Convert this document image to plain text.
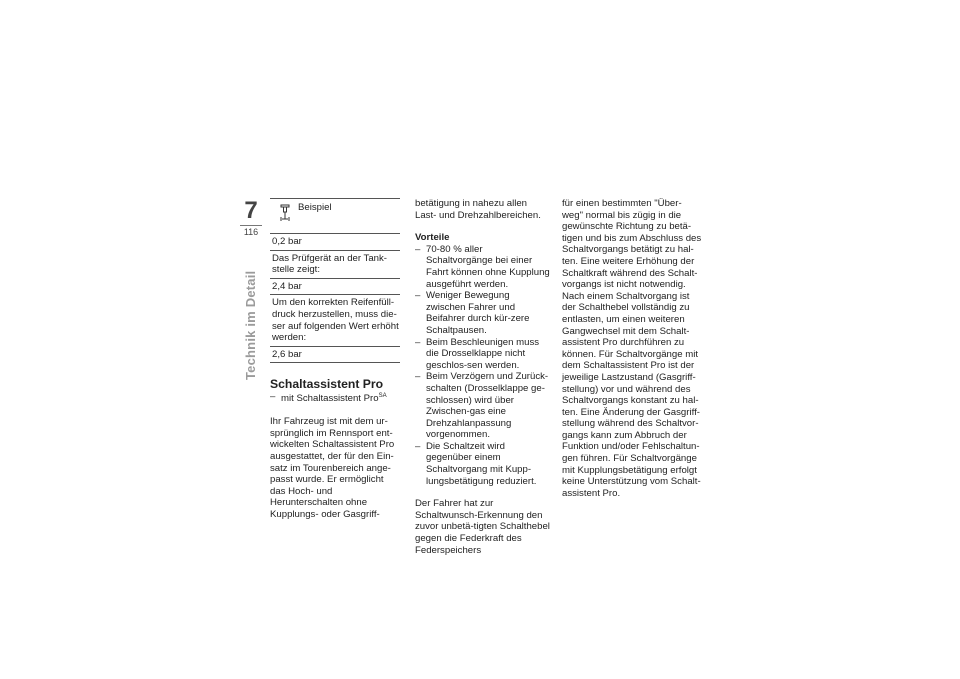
7
116
Technik im Detail
Beispiel
0,2 bar
Das Prüfgerät an der Tank-stelle zeigt:
2,4 bar
Um den korrekten Reifenfüll-druck herzustellen, muss die-ser auf folgenden Wert erhöht werden:
2,6 bar
Schaltassistent Pro
– mit Schaltassistent Pro$^{SA}$

Ihr Fahrzeug ist mit dem ur-sprünglich im Rennsport ent-wickelten Schaltassistent Pro ausgestattet, der für den Ein-satz im Tourenbereich ange-passt wurde. Er ermöglicht das Hoch- und Herunterschalten ohne Kupplungs- oder Gasgriff-

betätigung in nahezu allen Last- und Drehzahlbereichen.

Vorteile

– 70-80 % aller Schaltvorgänge bei einer Fahrt können ohne Kupplung ausgeführt werden.
– Weniger Bewegung zwischen Fahrer und Beifahrer durch kür-zere Schaltpausen.
– Beim Beschleunigen muss die Drosselklappe nicht geschlos-sen werden.
– Beim Verzögern und Zurück-schalten (Drosselklappe ge-schlossen) wird über Zwischen-gas eine Drehzahlanpassung vorgenommen.
– Die Schaltzeit wird gegenüber einem Schaltvorgang mit Kupp-lungsbetätigung reduziert.

Der Fahrer hat zur Schaltwunsch-Erkennung den zuvor unbetä-tigten Schalthebel gegen die Federkraft des Federspeichers

für einen bestimmten "Über-weg" normal bis zügig in die gewünschte Richtung zu betä-tigen und bis zum Abschluss des Schaltvorgangs betätigt zu hal-ten. Eine weitere Erhöhung der Schaltkraft während des Schalt-vorgangs ist nicht notwendig. Nach einem Schaltvorgang ist der Schalthebel vollständig zu entlasten, um einen weiteren Gangwechsel mit dem Schalt-assistent Pro durchführen zu können. Für Schaltvorgänge mit dem Schaltassistent Pro ist der jeweilige Lastzustand (Gasgriff-stellung) vor und während des Schaltvorgangs konstant zu hal-ten. Eine Änderung der Gasgriff-stellung während des Schaltvor-gangs kann zum Abbruch der Funktion und/oder Fehlschaltun-gen führen. Für Schaltvorgänge mit Kupplungsbetätigung erfolgt keine Unterstützung vom Schalt-assistent Pro.
